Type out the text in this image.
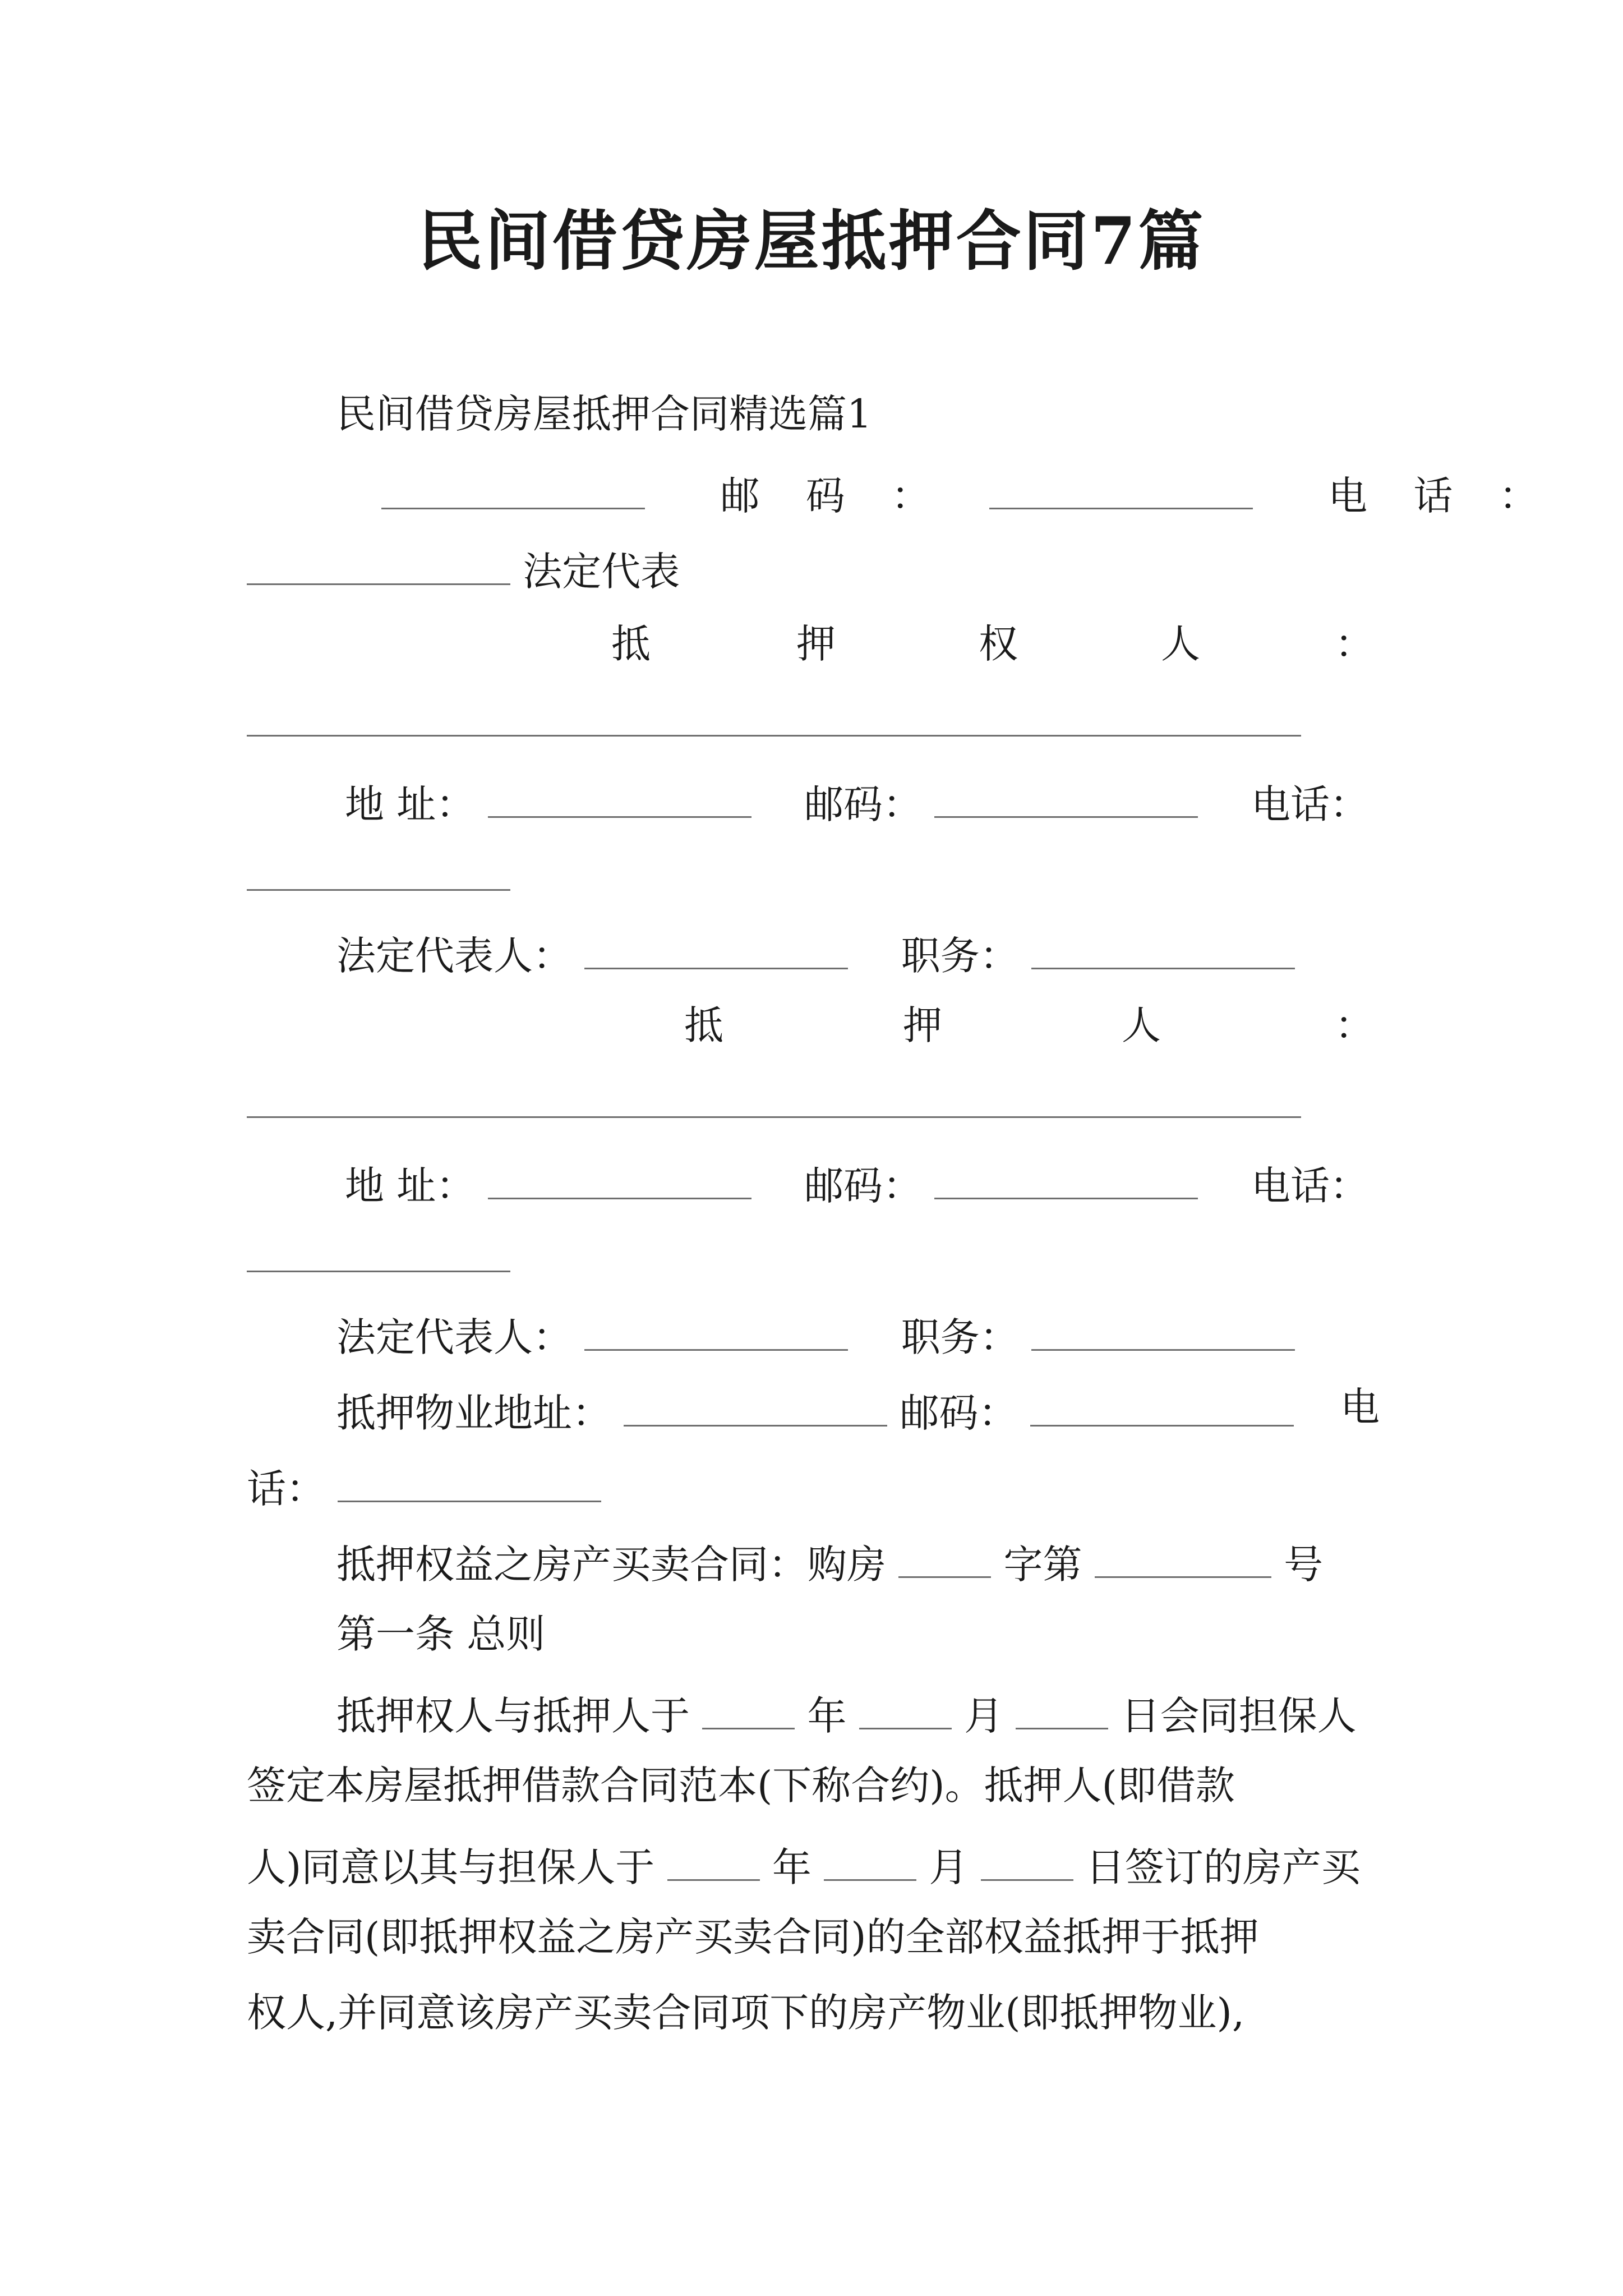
民间借贷房屋抵押合同7篇
民间借贷房屋抵押合同精选篇1
邮 码 ：	电 话 ：
法定代表
抵	押	权	人	：
地 址：	邮码：	电话：
法定代表人：	职务：
抵	押	人	：
地 址：	邮码：	电话：
法定代表人：	职务：
抵押物业地址：	邮码：	电
话：
抵押权益之房产买卖合同：购房	字第	号
第一条 总则
抵押权人与抵押人于	年	月	日会同担保人
签定本房屋抵押借款合同范本(下称合约)。抵押人(即借款
人)同意以其与担保人于	年	月	日签订的房产买
卖合同(即抵押权益之房产买卖合同)的全部权益抵押于抵押
权人,并同意该房产买卖合同项下的房产物业(即抵押物业),
